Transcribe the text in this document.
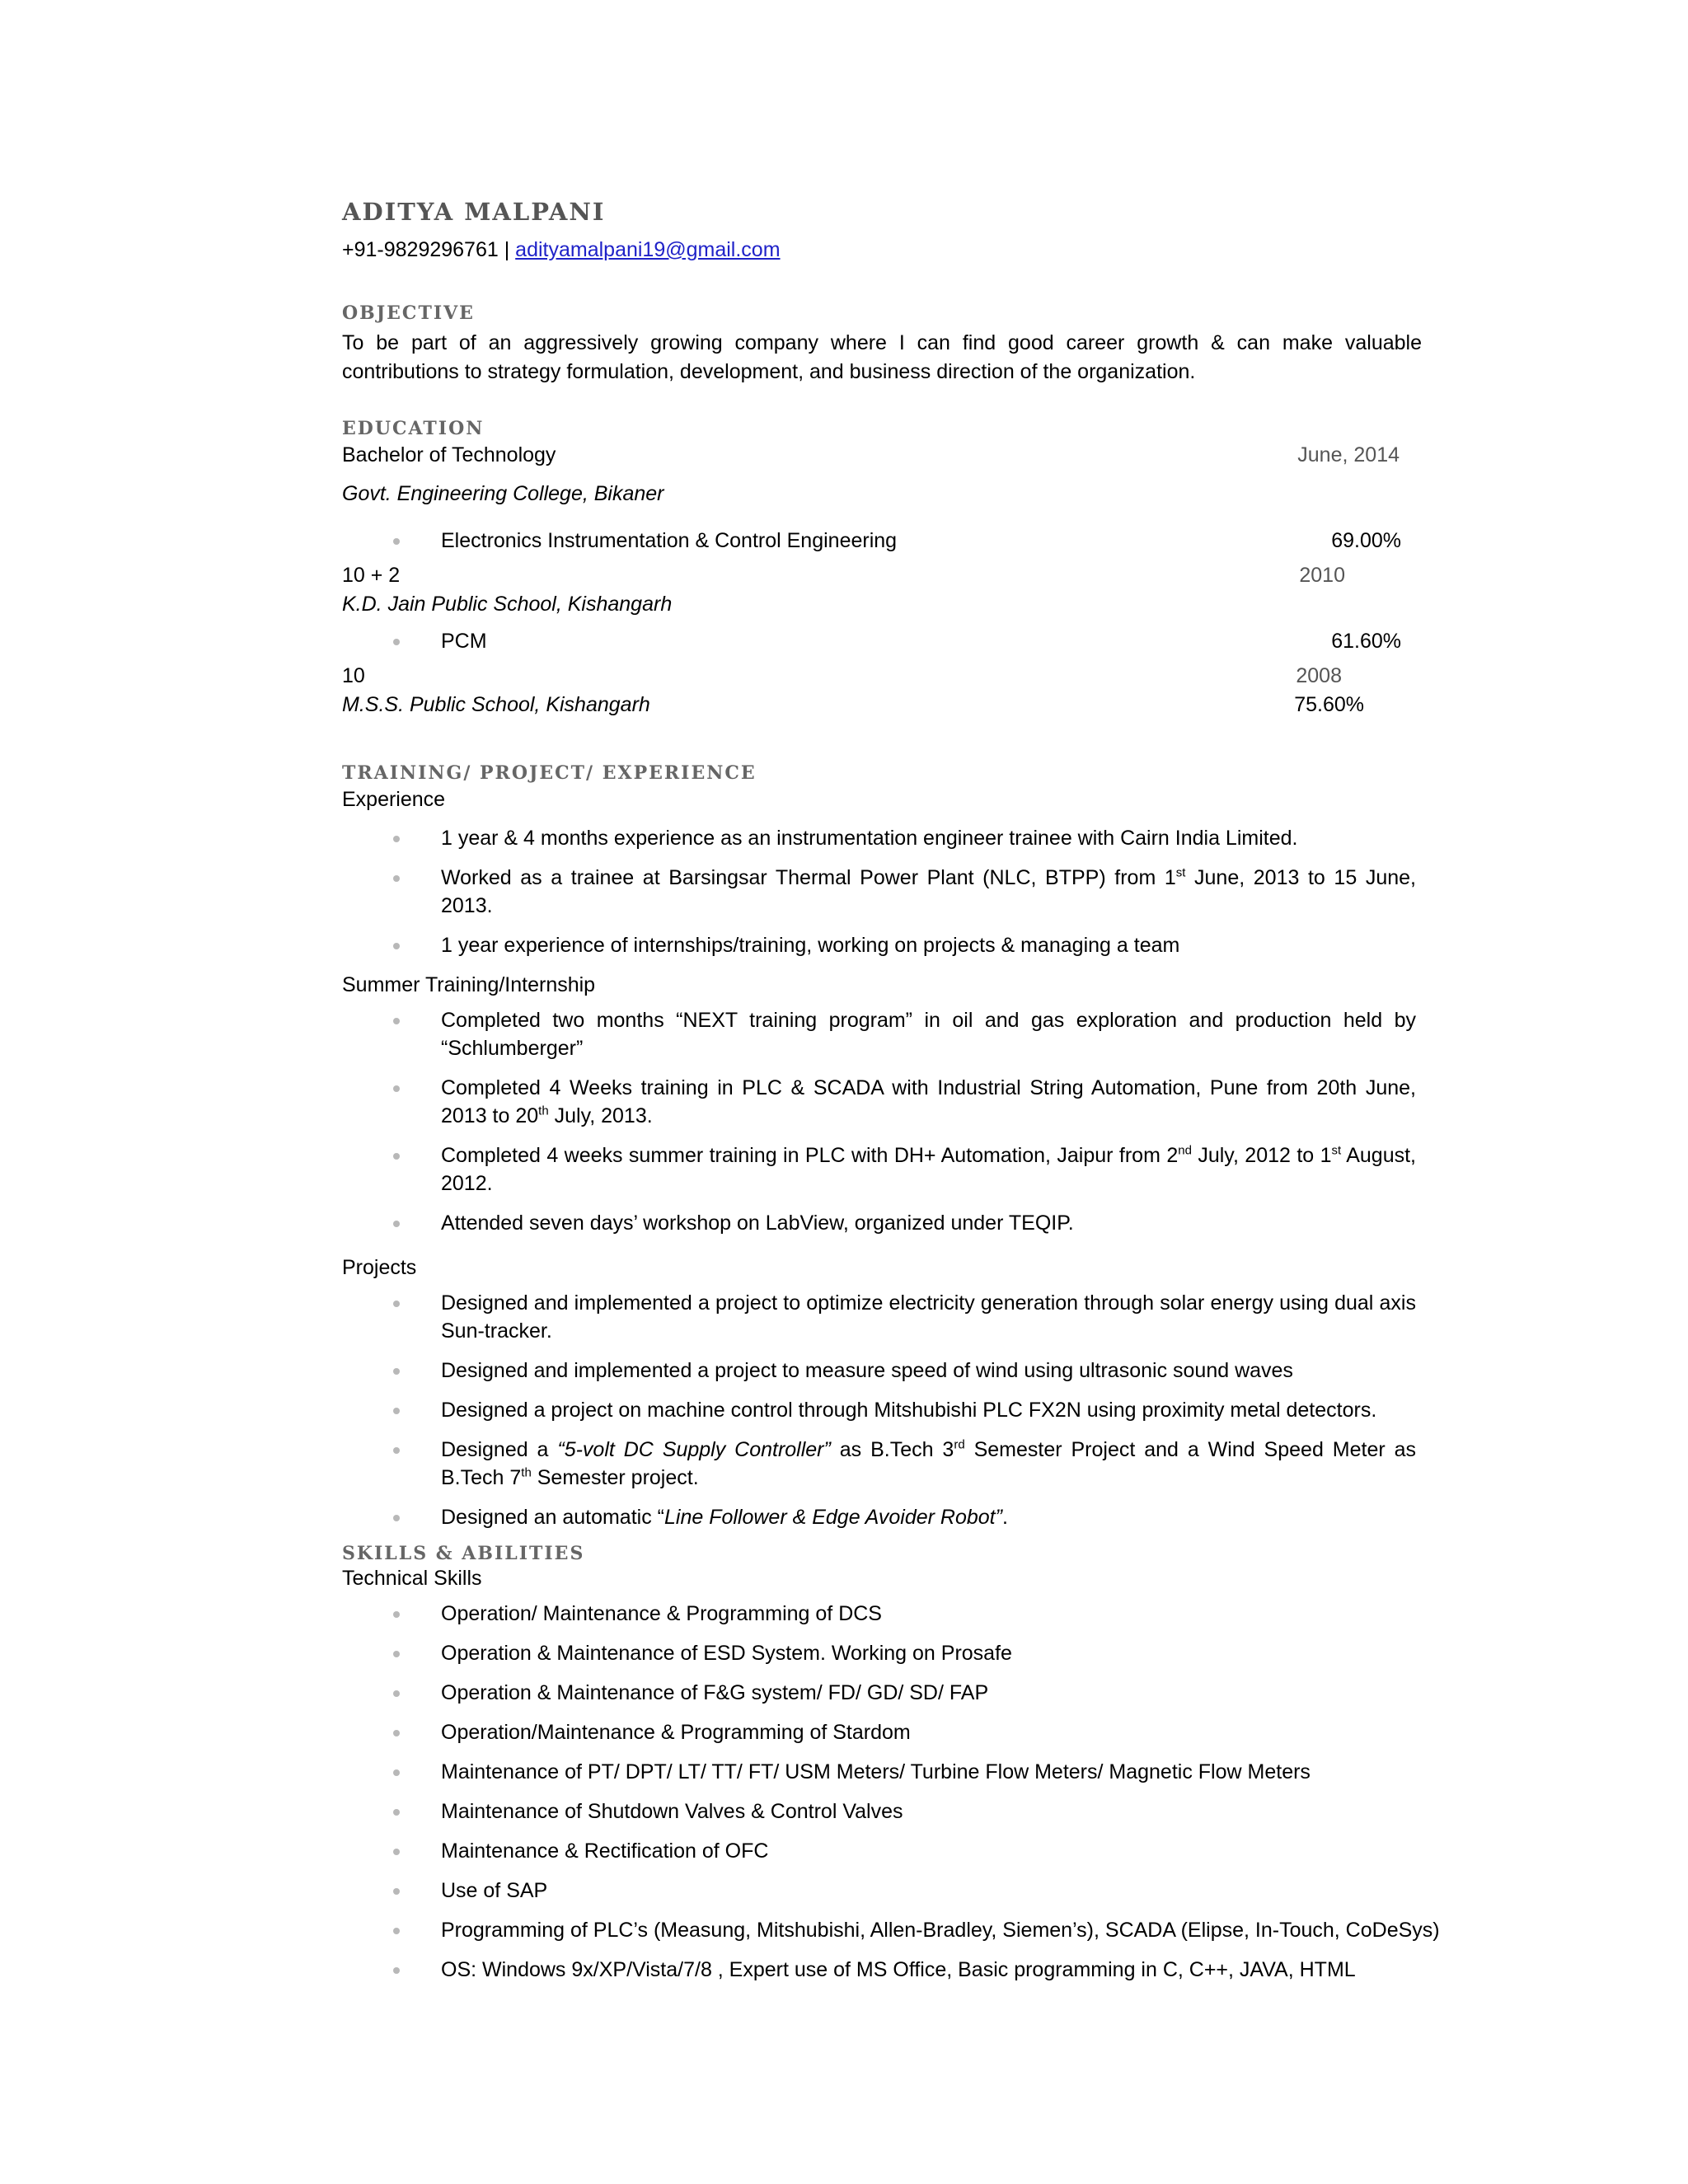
ADITYA MALPANI
+91-9829296761 | adityamalpani19@gmail.com
OBJECTIVE
To be part of an aggressively growing company where I can find good career growth & can make valuable contributions to strategy formulation, development, and business direction of the organization.
EDUCATION
Bachelor of Technology	June, 2014
Govt. Engineering College, Bikaner
Electronics Instrumentation & Control Engineering	69.00%
10 + 2	2010
K.D. Jain Public School, Kishangarh
PCM	61.60%
10	2008
M.S.S. Public School, Kishangarh	75.60%
TRAINING/ PROJECT/ EXPERIENCE
Experience
1 year & 4 months experience as an instrumentation engineer trainee with Cairn India Limited.
Worked as a trainee at Barsingsar Thermal Power Plant (NLC, BTPP) from 1st June, 2013 to 15 June, 2013.
1 year experience of internships/training, working on projects & managing a team
Summer Training/Internship
Completed two months “NEXT training program” in oil and gas exploration and production held by “Schlumberger”
Completed 4 Weeks training in PLC & SCADA with Industrial String Automation, Pune from 20th June, 2013 to 20th July, 2013.
Completed 4 weeks summer training in PLC with DH+ Automation, Jaipur from 2nd July, 2012 to 1st August, 2012.
Attended seven days’ workshop on LabView, organized under TEQIP.
Projects
Designed and implemented a project to optimize electricity generation through solar energy using dual axis Sun-tracker.
Designed and implemented a project to measure speed of wind using ultrasonic sound waves
Designed a project on machine control through Mitshubishi PLC FX2N using proximity metal detectors.
Designed a “5-volt DC Supply Controller” as B.Tech 3rd Semester Project and a Wind Speed Meter as B.Tech 7th Semester project.
Designed an automatic “Line Follower & Edge Avoider Robot”.
SKILLS & ABILITIES
Technical Skills
Operation/ Maintenance & Programming of DCS
Operation & Maintenance of ESD System. Working on Prosafe
Operation & Maintenance of F&G system/ FD/ GD/ SD/ FAP
Operation/Maintenance & Programming of Stardom
Maintenance of PT/ DPT/ LT/ TT/ FT/ USM Meters/ Turbine Flow Meters/ Magnetic Flow Meters
Maintenance of Shutdown Valves & Control Valves
Maintenance & Rectification of OFC
Use of SAP
Programming of PLC’s (Measung, Mitshubishi, Allen-Bradley, Siemen’s), SCADA (Elipse, In-Touch, CoDeSys)
OS: Windows 9x/XP/Vista/7/8 , Expert use of MS Office, Basic programming in C, C++, JAVA, HTML
